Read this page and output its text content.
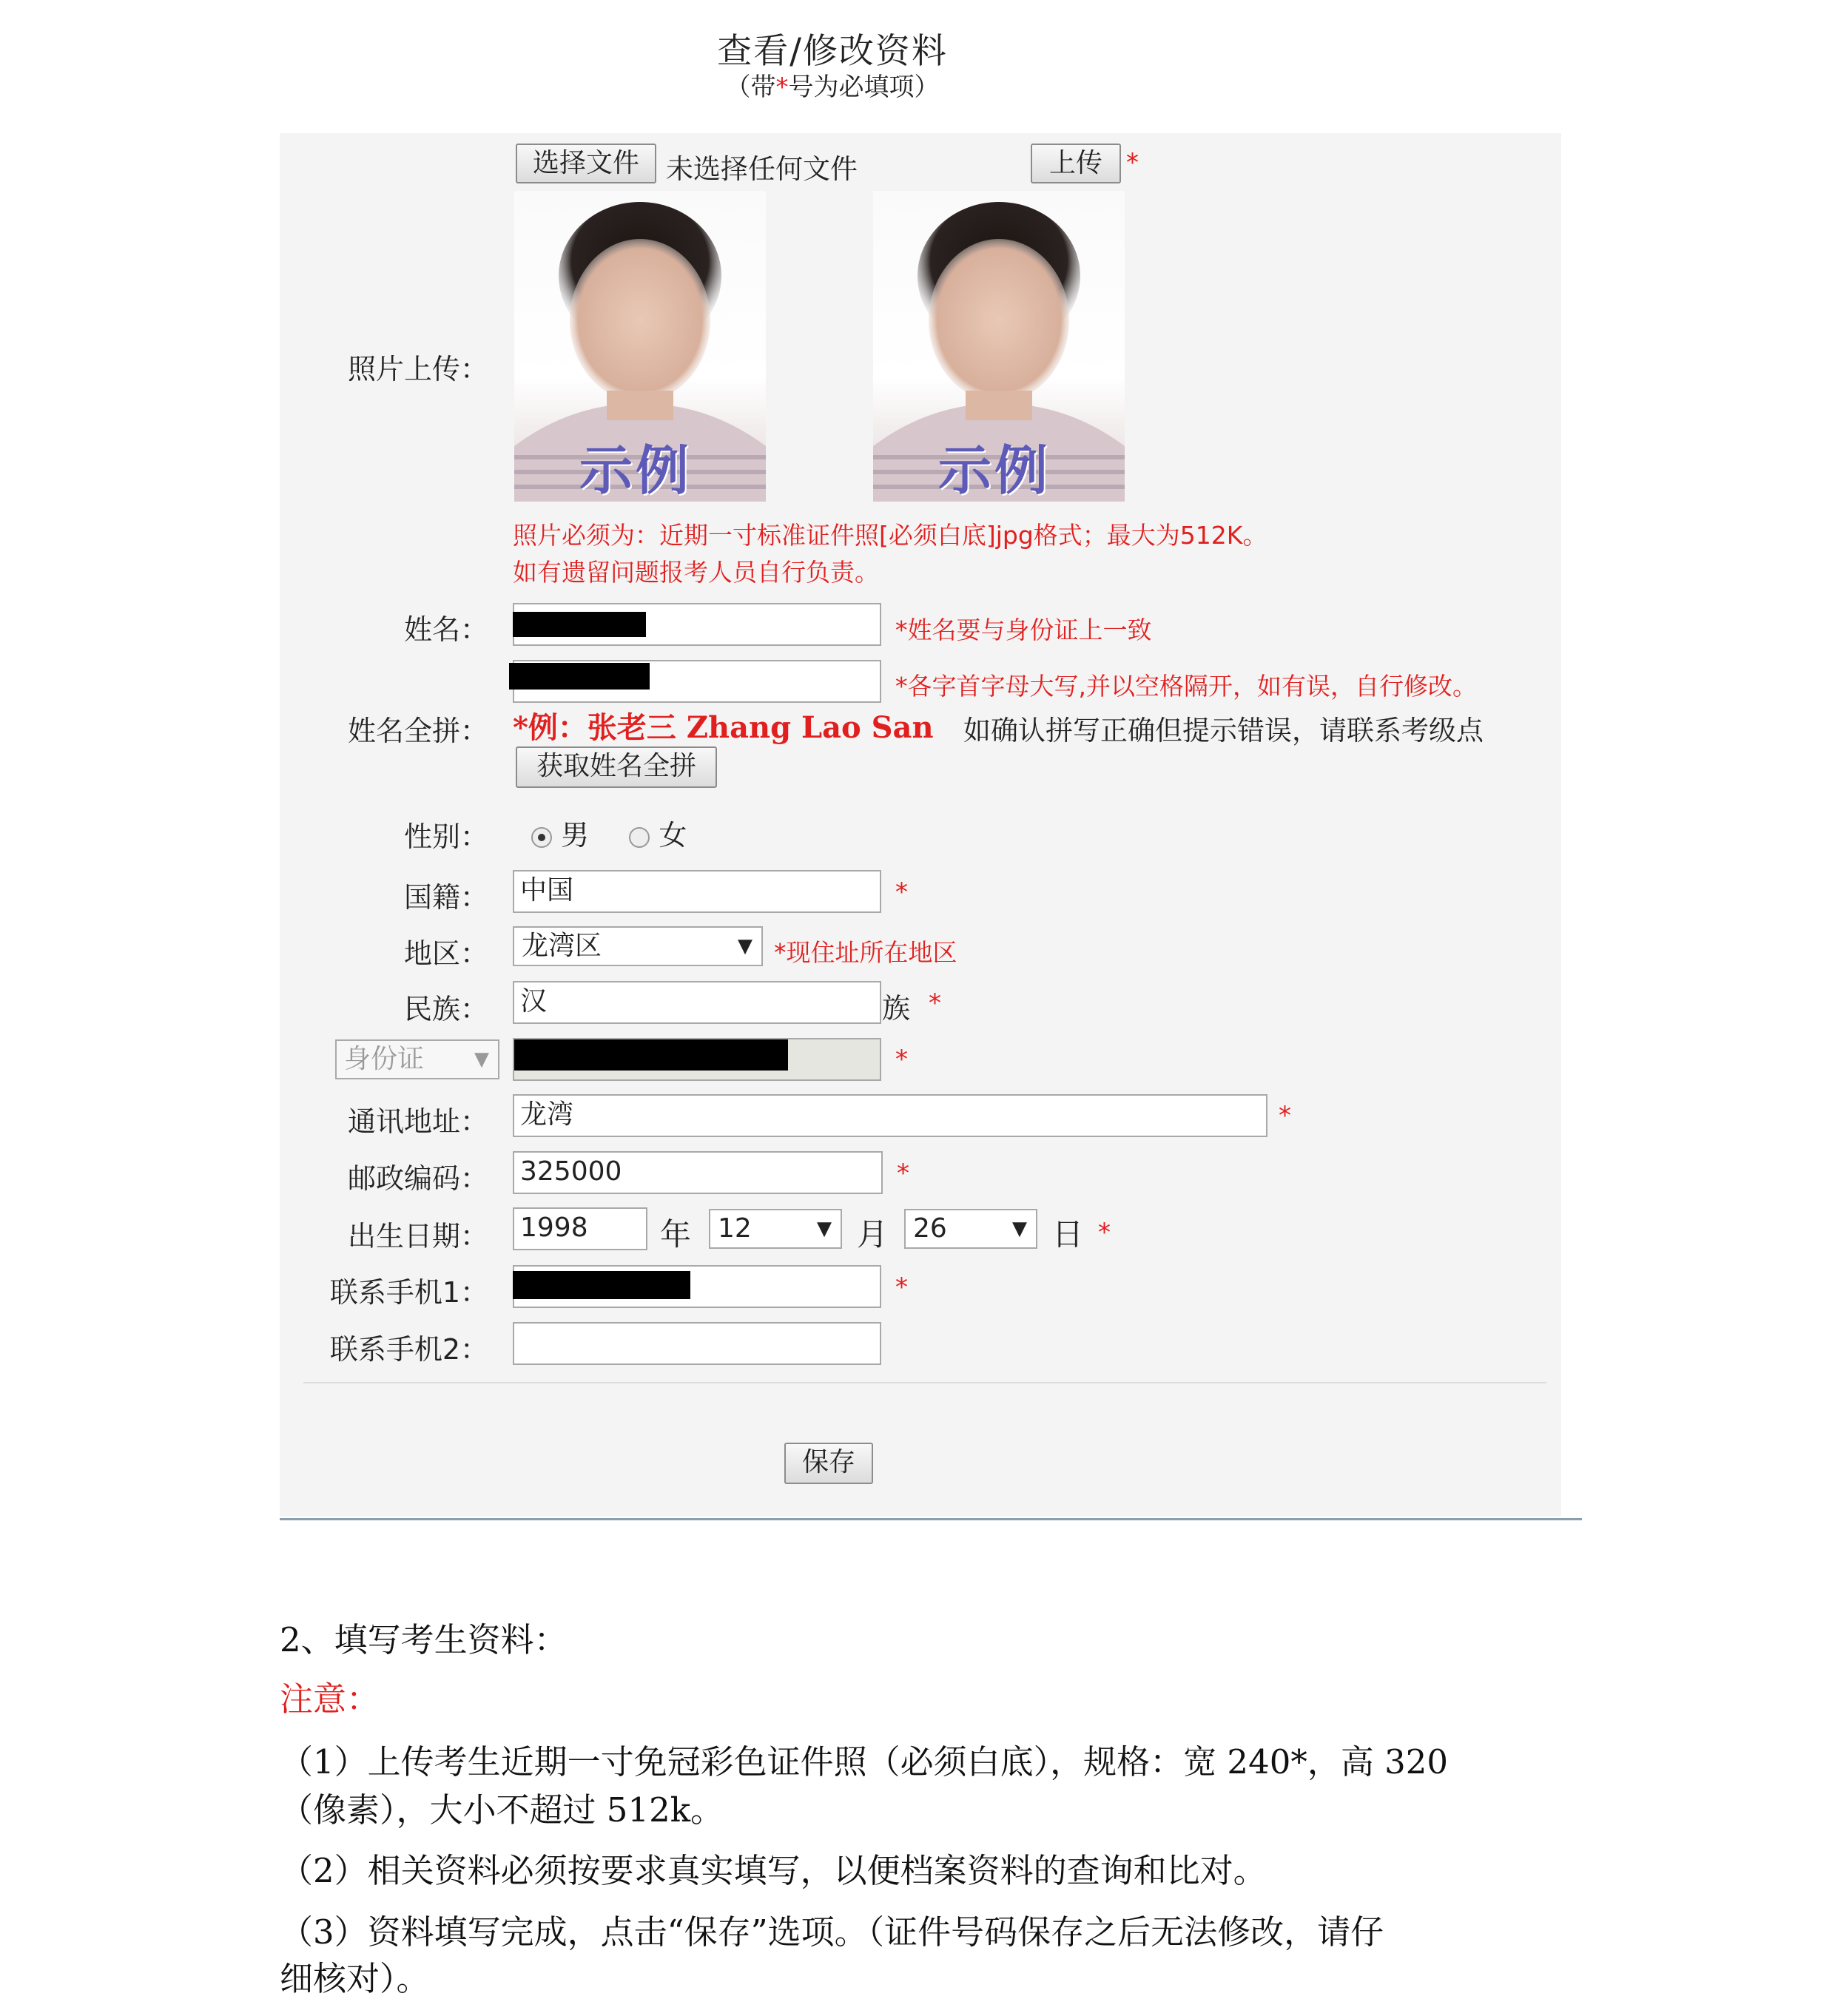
查看/修改资料
（带*号为必填项）
选择文件 未选择任何文件	上传 *
照片上传：
示例	示例
照片必须为：近期一寸标准证件照[必须白底]jpg格式；最大为512K。
如有遗留问题报考人员自行负责。
姓名：	*姓名要与身份证上一致
*各字首字母大写,并以空格隔开，如有误，自行修改。
姓名全拼： *例：张老三 Zhang Lao San 如确认拼写正确但提示错误，请联系考级点
获取姓名全拼
性别：	男 女
国籍： 中国	*
地区：	龙湾区	▼ *现住址所在地区
民族： 汉	族 *
身份证	▼	*
通讯地址： 龙湾	*
邮政编码： 325000	*
出生日期： 1998	年 12	▼ 月 26	▼ 日 *
联系手机1：	*
联系手机2：
保存
2、填写考生资料：
注意：
（1）上传考生近期一寸免冠彩色证件照（必须白底），规格：宽 240*，高 320
（像素），大小不超过 512k。
（2）相关资料必须按要求真实填写，以便档案资料的查询和比对。
（3）资料填写完成，点击“保存”选项。（证件号码保存之后无法修改，请仔
细核对）。
